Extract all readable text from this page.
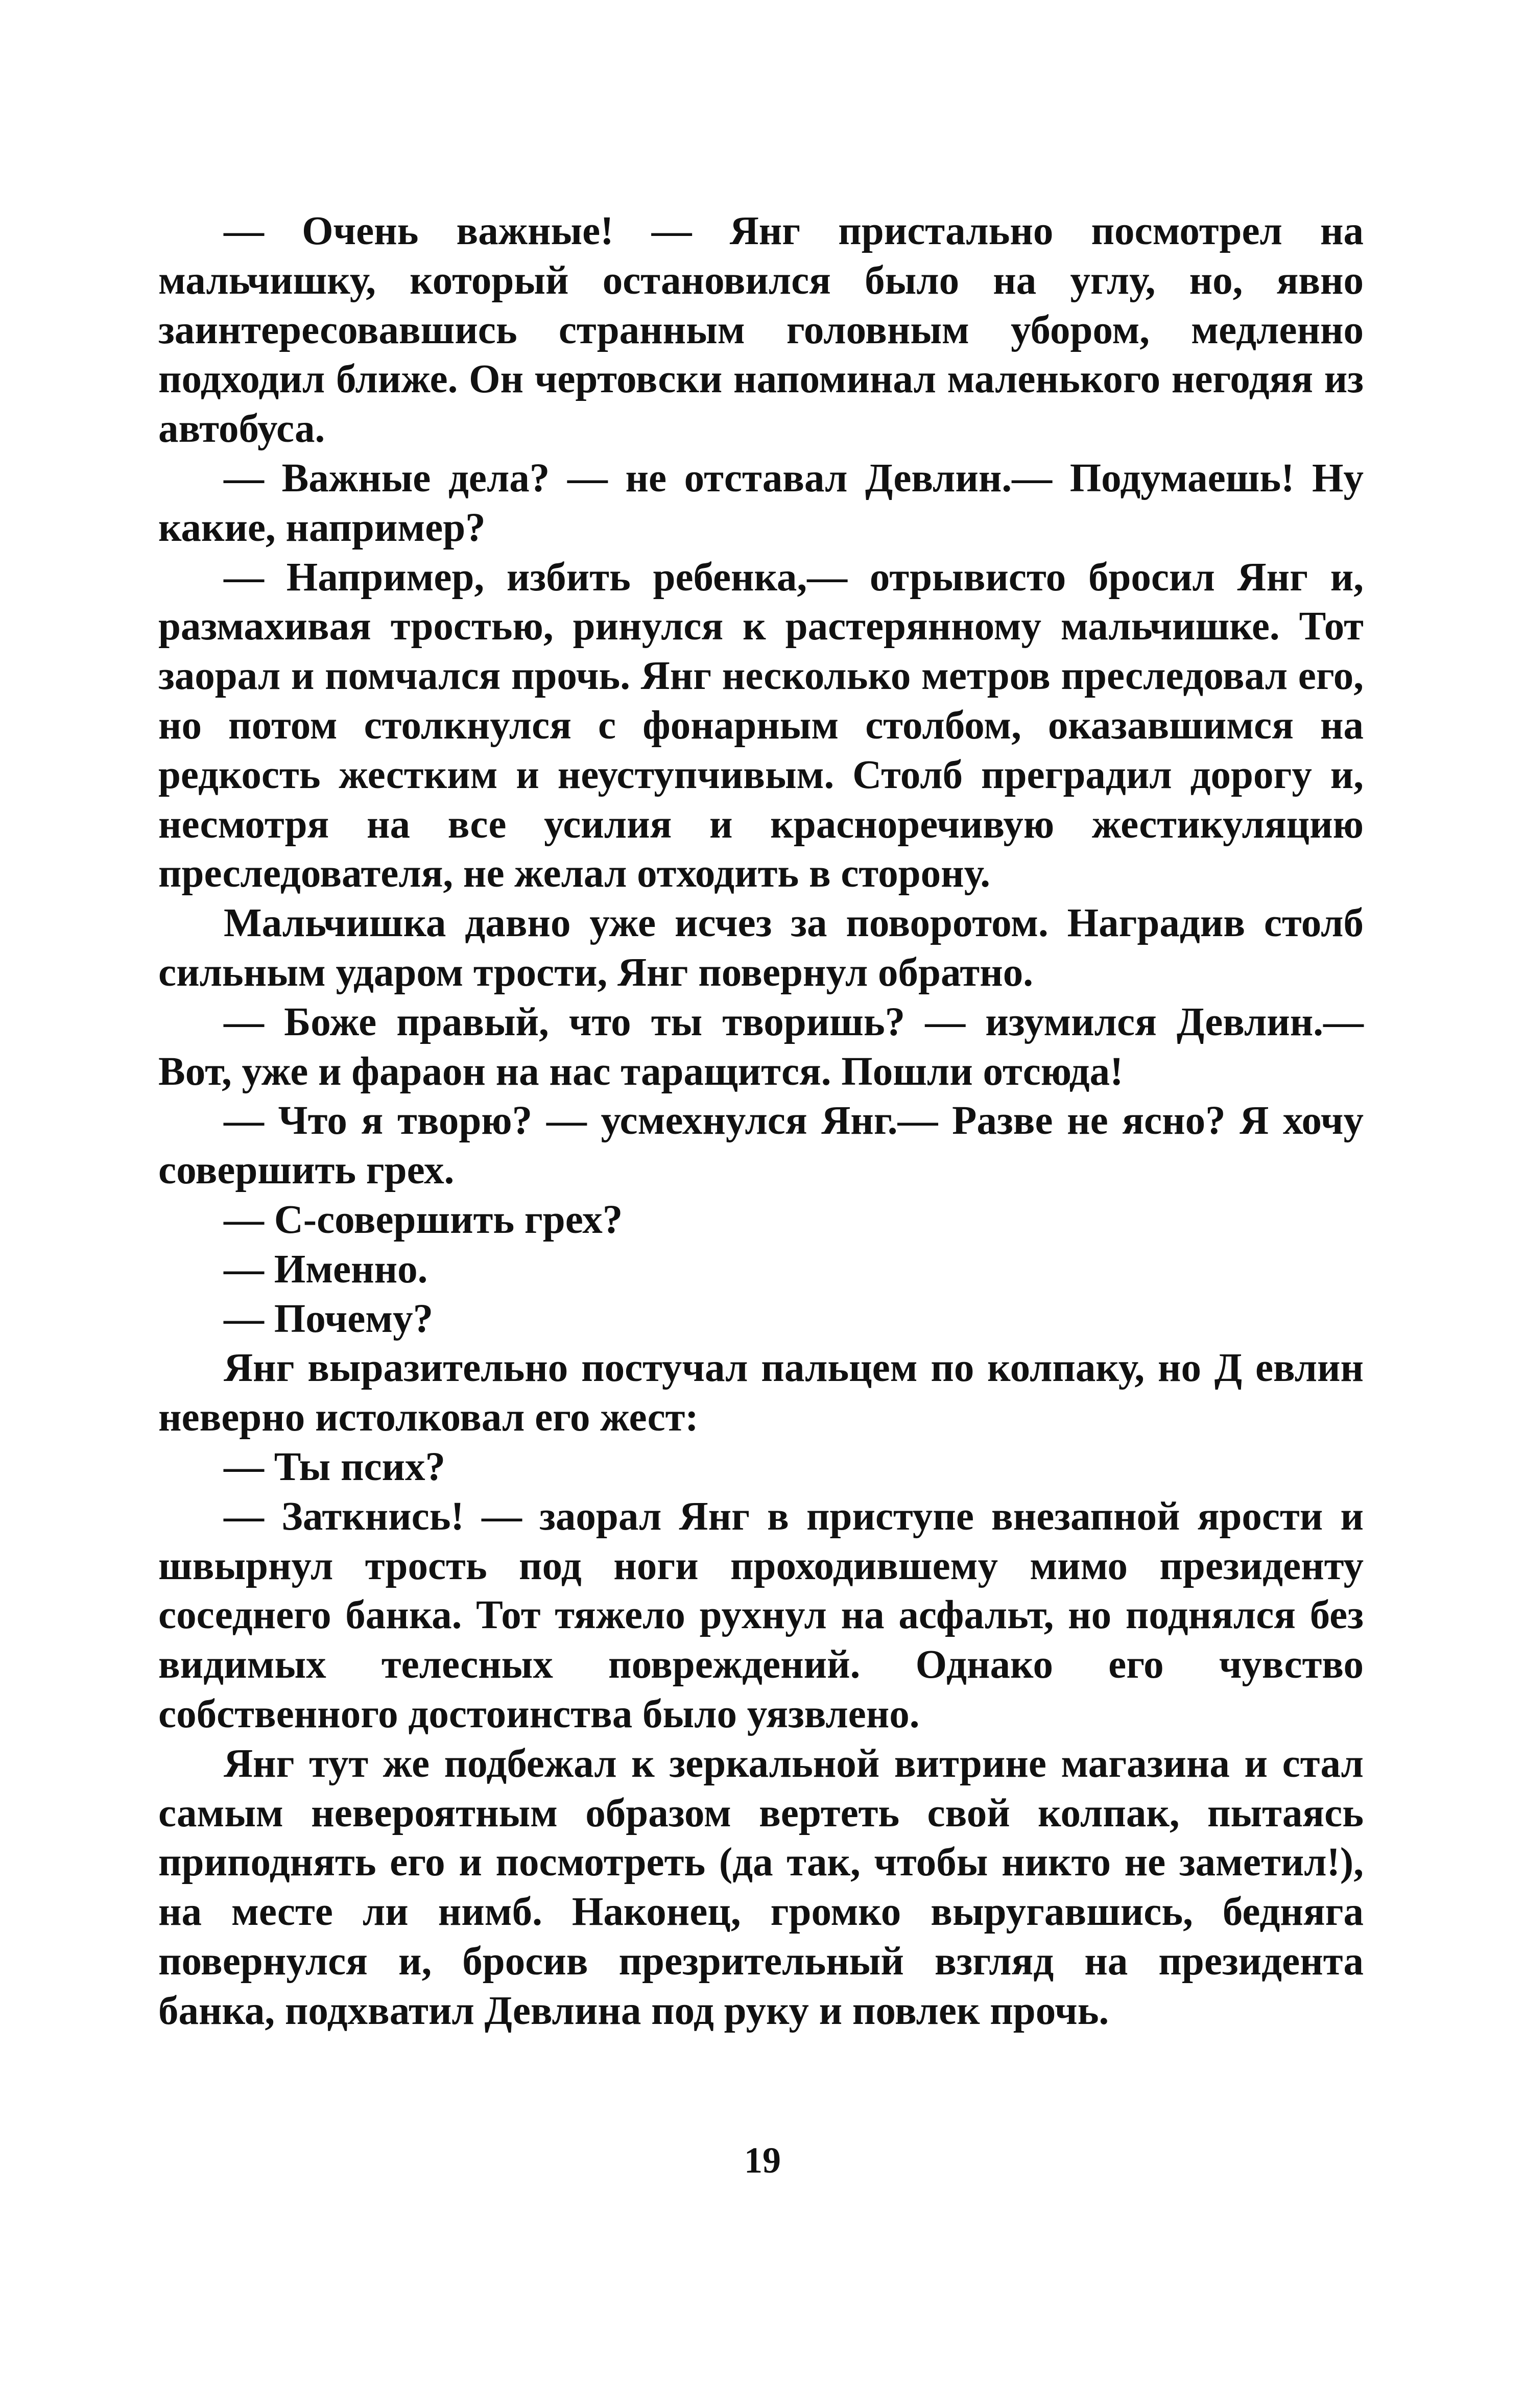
— Очень важные! — Янг пристально посмотрел на мальчишку, который остановился было на углу, но, явно заинтересовавшись странным головным убором, медленно подходил ближе. Он чертовски напоминал маленького негодяя из автобуса.

— Важные дела? — не отставал Девлин.— Подумаешь! Ну какие, например?

— Например, избить ребенка,— отрывисто бросил Янг и, размахивая тростью, ринулся к растерянному мальчишке. Тот заорал и помчался прочь. Янг несколько метров преследовал его, но потом столкнулся с фонарным столбом, оказавшимся на редкость жестким и неуступчивым. Столб преградил дорогу и, несмотря на все усилия и красноречивую жестикуляцию преследователя, не желал отходить в сторону.

Мальчишка давно уже исчез за поворотом. Наградив столб сильным ударом трости, Янг повернул обратно.

— Боже правый, что ты творишь? — изумился Девлин.— Вот, уже и фараон на нас таращится. Пошли отсюда!

— Что я творю? — усмехнулся Янг.— Разве не ясно? Я хочу совершить грех.

— С-совершить грех?

— Именно.

— Почему?

Янг выразительно постучал пальцем по колпаку, но Д евлин неверно истолковал его жест:

— Ты псих?

— Заткнись! — заорал Янг в приступе внезапной ярости и швырнул трость под ноги проходившему мимо президенту соседнего банка. Тот тяжело рухнул на асфальт, но поднялся без видимых телесных повреждений. Однако его чувство собственного достоинства было уязвлено.

Янг тут же подбежал к зеркальной витрине магазина и стал самым невероятным образом вертеть свой колпак, пытаясь приподнять его и посмотреть (да так, чтобы никто не заметил!), на месте ли нимб. Наконец, громко выругавшись, бедняга повернулся и, бросив презрительный взгляд на президента банка, подхватил Девлина под руку и повлек прочь.

19
